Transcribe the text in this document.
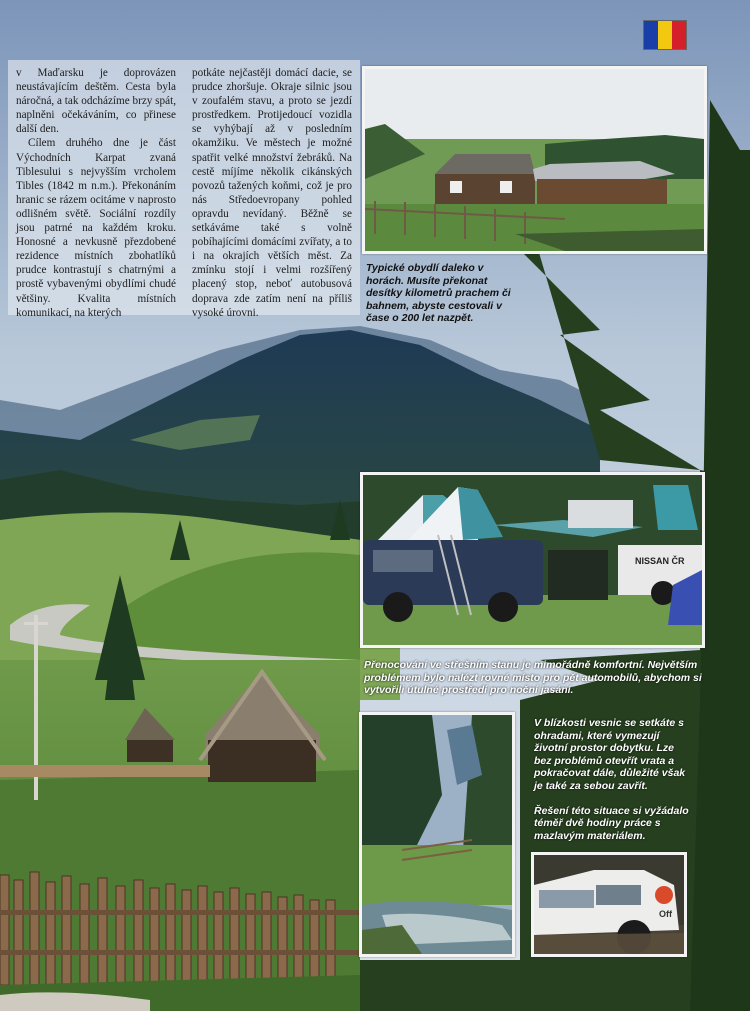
v Maďarsku je doprovázen neustávajícím deštěm. Cesta byla náročná, a tak odcházíme brzy spát, naplněni očekáváním, co přinese další den.

Cílem druhého dne je část Východních Karpat zvaná Tiblesului s nejvyšším vrcholem Tibles (1842 m n.m.). Překonáním hranic se rázem ocitáme v naprosto odlišném světě. Sociální rozdíly jsou patrné na každém kroku. Honosné a nevkusně přezdobené rezidence místních zbohatlíků prudce kontrastují s chatrnými a prostě vybavenými obydlími chudé většiny. Kvalita místních komunikací, na kterých

potkáte nejčastěji domácí dacie, se prudce zhoršuje. Okraje silnic jsou v zoufalém stavu, a proto se jezdí prostředkem. Protijedoucí vozidla se vyhýbají až v posledním okamžiku. Ve městech je možné spatřit velké množství žebráků. Na cestě míjíme několik cikánských povozů tažených koňmi, což je pro nás Středoevropany pohled opravdu nevídaný. Běžně se setkáváme také s volně pobíhajícími domácími zvířaty, a to i na okrajích větších měst. Za zmínku stojí i velmi rozšířený placený stop, neboť autobusová doprava zde zatím není na příliš vysoké úrovni.

Typické obydlí daleko v horách. Musíte překonat desítky kilometrů prachem či bahnem, abyste cestovali v čase o 200 let nazpět.
NISSAN ČR
Přenocování ve střešním stanu je mimořádně komfortní. Největším problémem bylo nalézt rovné místo pro pět automobilů, abychom si vytvořili útulné prostředí pro noční jasání.

V blízkosti vesnic se setkáte s ohradami, které vymezují životní prostor dobytku. Lze bez problémů otevřít vrata a pokračovat dále, důležité však je také za sebou zavřít.

Řešení této situace si vyžádalo téměř dvě hodiny práce s mazlavým materiálem.

Off
